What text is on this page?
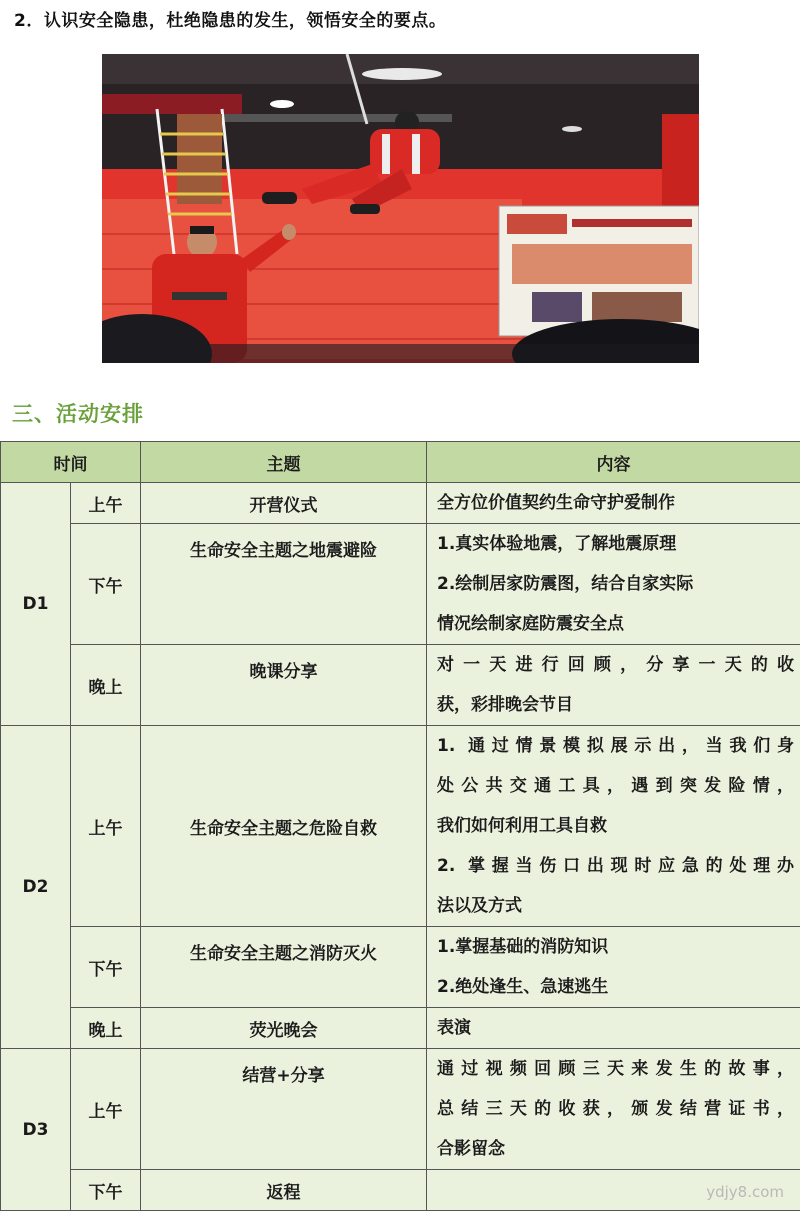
2．认识安全隐患，杜绝隐患的发生，领悟安全的要点。
三、活动安排
时间		主题	内容
D1	上午	开营仪式	全方位价值契约生命守护爱制作

	下午	生命安全主题之地震避险	1.真实体验地震，了解地震原理

2.绘制居家防震图，结合自家实际

情况绘制家庭防震安全点

	晚上	晚课分享	对一天进行回顾，分享一天的收

获，彩排晚会节目

D2	上午	生命安全主题之危险自救	1. 通过情景模拟展示出，当我们身

处公共交通工具，遇到突发险情，

我们如何利用工具自救

2. 掌握当伤口出现时应急的处理办

法以及方式

	下午	生命安全主题之消防灭火	1.掌握基础的消防知识

2.绝处逢生、急速逃生

	晚上	荧光晚会	表演

D3	上午	结营+分享	通过视频回顾三天来发生的故事，

总结三天的收获，颁发结营证书，

合影留念

	下午	返程		ydjy8.com
